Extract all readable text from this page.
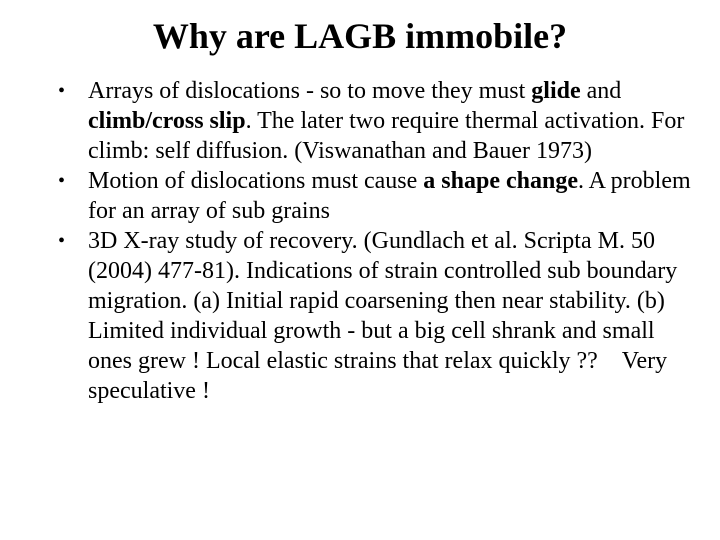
Why are LAGB immobile?
• Arrays of dislocations - so to move they must glide and climb/cross slip. The later two require thermal activation. For climb: self diffusion. (Viswanathan and Bauer 1973)
• Motion of dislocations must cause a shape change. A problem for an array of sub grains
• 3D X-ray study of recovery. (Gundlach et al. Scripta M. 50 (2004) 477-81). Indications of strain controlled sub boundary migration. (a) Initial rapid coarsening then near stability. (b) Limited individual growth - but a big cell shrank and small ones grew ! Local elastic strains that relax quickly ??    Very speculative !
